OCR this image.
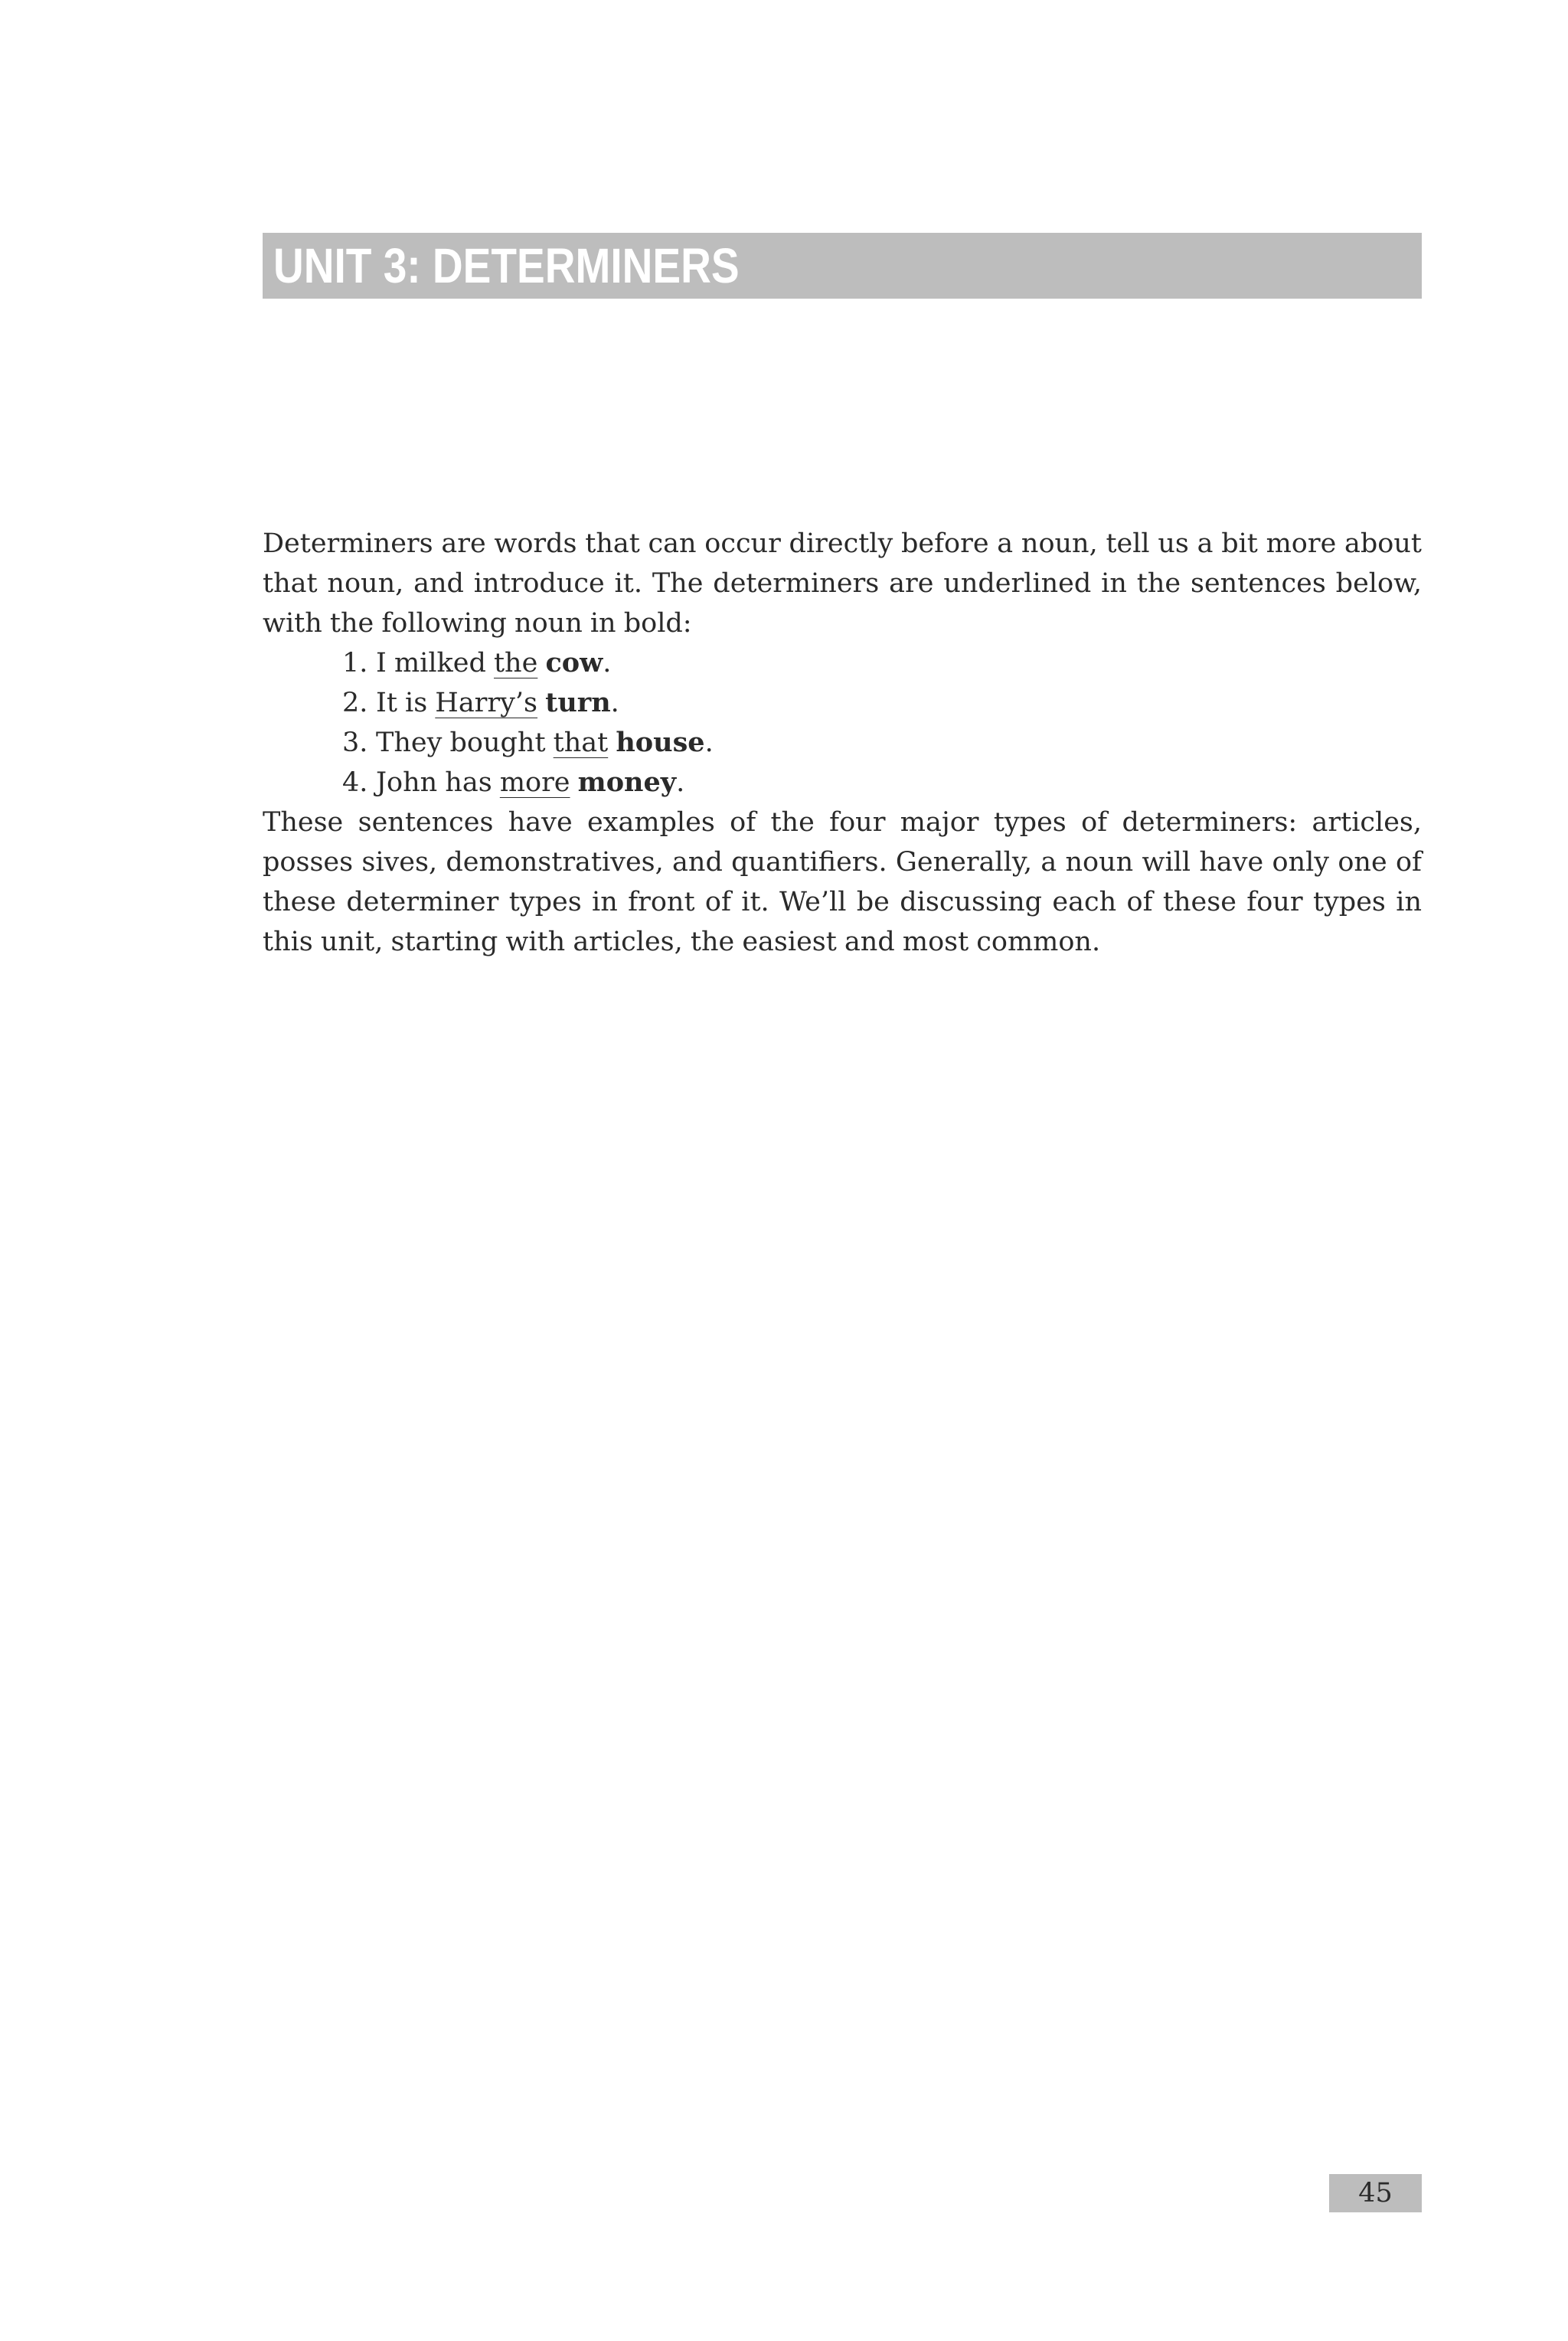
UNIT 3: DETERMINERS

Determiners are words that can occur directly before a noun, tell us a bit more about that noun, and introduce it. The determiners are underlined in the sentences below, with the following noun in bold:

1. I milked the cow.
2. It is Harry’s turn.
3. They bought that house.
4. John has more money.

These sentences have examples of the four major types of determiners: articles, posses sives, demonstratives, and quantifiers. Generally, a noun will have only one of these determiner types in front of it. We’ll be discussing each of these four types in this unit, starting with articles, the easiest and most common.

45
